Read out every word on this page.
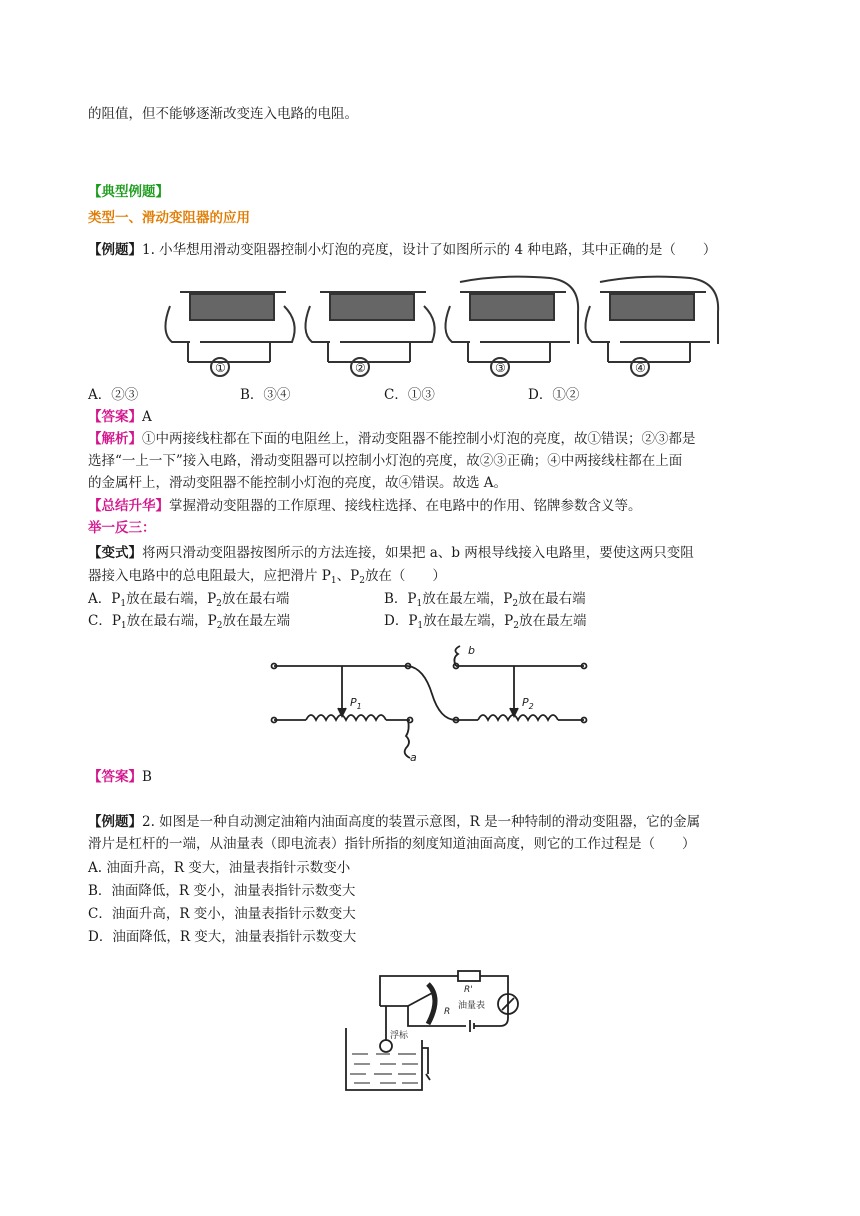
的阻值，但不能够逐渐改变连入电路的电阻。
【典型例题】
类型一、滑动变阻器的应用
【例题】1. 小华想用滑动变阻器控制小灯泡的亮度，设计了如图所示的 4 种电路，其中正确的是（　　）
①	②	③	④
A．②③	B．③④	C．①③	D．①②
【答案】A
【解析】①中两接线柱都在下面的电阻丝上，滑动变阻器不能控制小灯泡的亮度，故①错误；②③都是
选择“一上一下”接入电路，滑动变阻器可以控制小灯泡的亮度，故②③正确；④中两接线柱都在上面
的金属杆上，滑动变阻器不能控制小灯泡的亮度，故④错误。故选 A。
【总结升华】掌握滑动变阻器的工作原理、接线柱选择、在电路中的作用、铭牌参数含义等。
举一反三：
【变式】将两只滑动变阻器按图所示的方法连接，如果把 a、b 两根导线接入电路里，要使这两只变阻
器接入电路中的总电阻最大，应把滑片 $P_1$、$P_2$放在（　　）
A．$P_1$放在最右端，$P_2$放在最右端	B．$P_1$放在最左端，$P_2$放在最右端
C．$P_1$放在最右端，$P_2$放在最左端	D．$P_1$放在最左端，$P_2$放在最左端
$P_1$	$P_2$
a
b
【答案】B
【例题】2. 如图是一种自动测定油箱内油面高度的装置示意图，R 是一种特制的滑动变阻器，它的金属
滑片是杠杆的一端，从油量表（即电流表）指针所指的刻度知道油面高度，则它的工作过程是（　　）
A. 油面升高，R 变大，油量表指针示数变小
B．油面降低，R 变小，油量表指针示数变大
C．油面升高，R 变小，油量表指针示数变大
D．油面降低，R 变大，油量表指针示数变大
R'
R
油量表
浮标
